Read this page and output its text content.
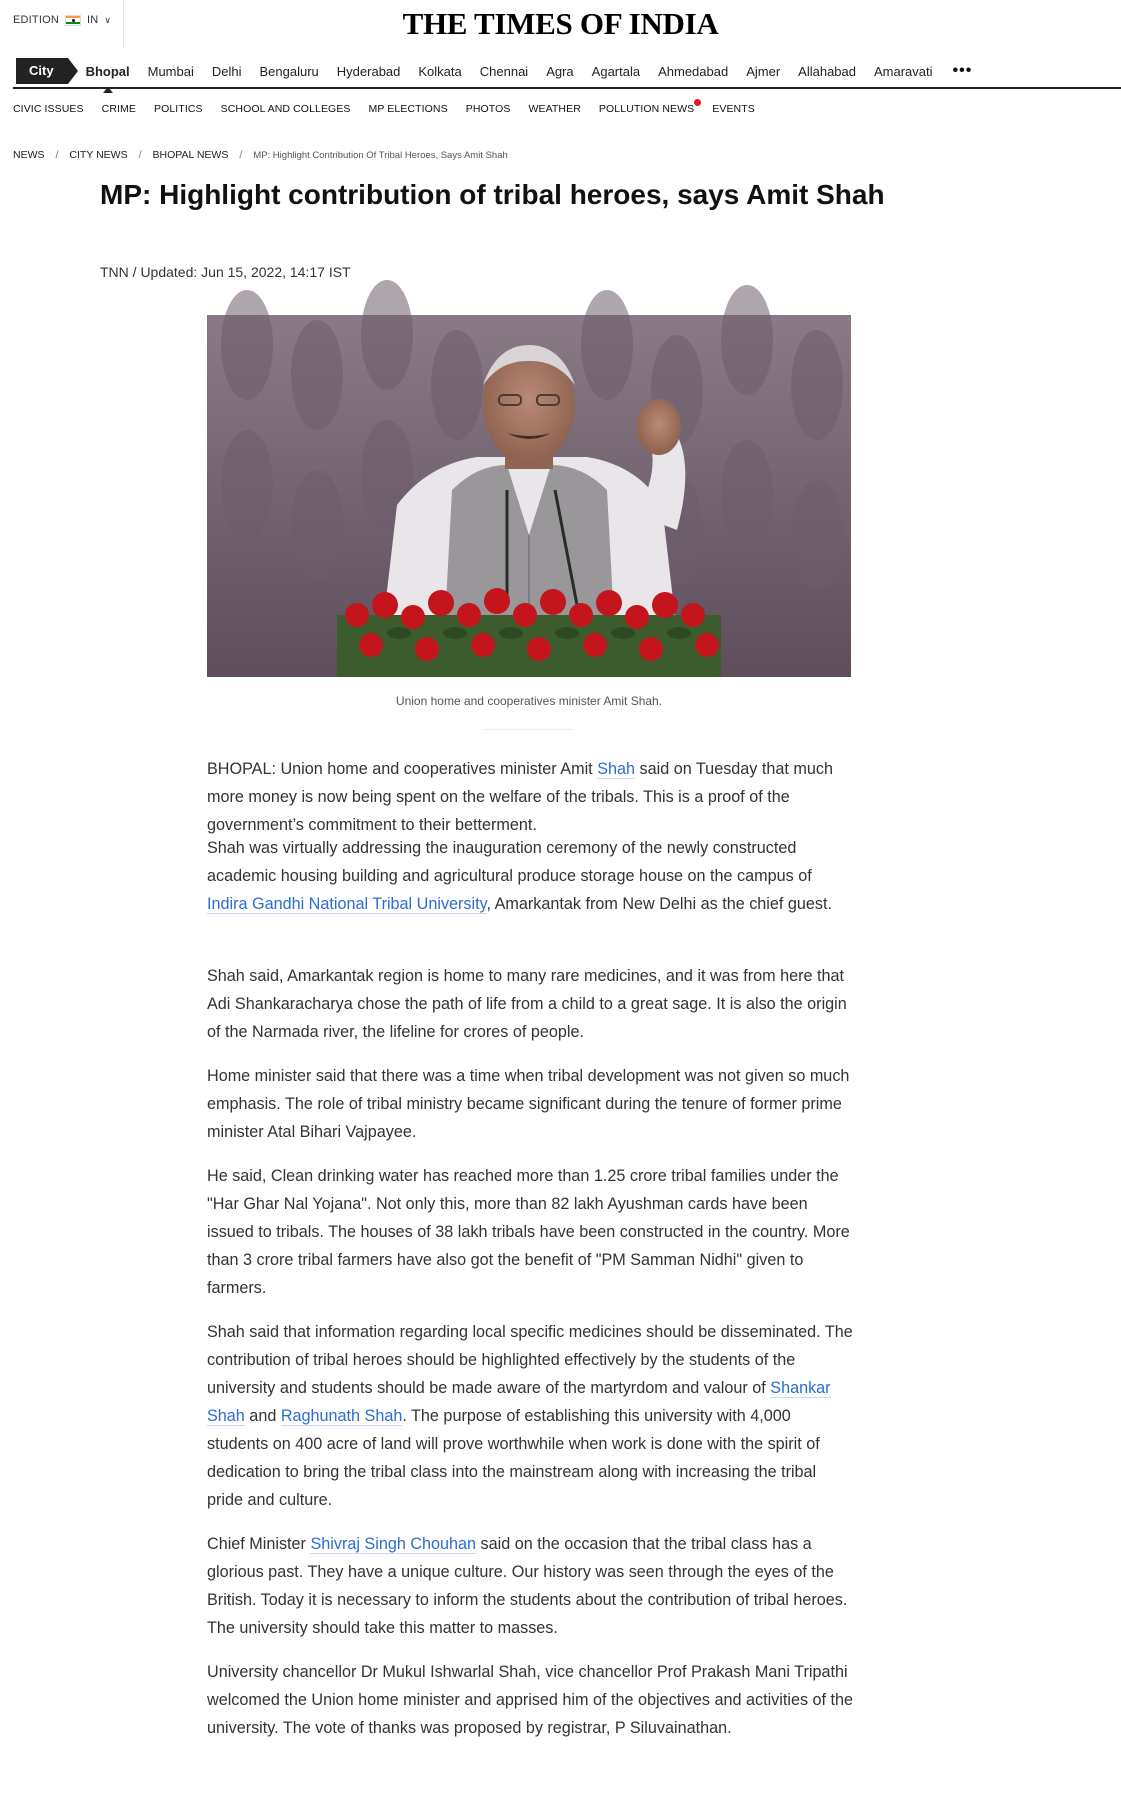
EDITION	IN ∨	THE TIMES OF INDIA
City	Bhopal Mumbai Delhi Bengaluru Hyderabad Kolkata Chennai Agra Agartala Ahmedabad Ajmer Allahabad Amaravati •••
CIVIC ISSUES CRIME POLITICS SCHOOL AND COLLEGES MP ELECTIONS PHOTOS WEATHER POLLUTION NEWS EVENTS
NEWS / CITY NEWS / BHOPAL NEWS / MP: Highlight Contribution Of Tribal Heroes, Says Amit Shah
MP: Highlight contribution of tribal heroes, says Amit Shah
TNN / Updated: Jun 15, 2022, 14:17 IST
Union home and cooperatives minister Amit Shah.

BHOPAL: Union home and cooperatives minister Amit Shah said on Tuesday that much more money is now being spent on the welfare of the tribals. This is a proof of the government’s commitment to their betterment.

Shah was virtually addressing the inauguration ceremony of the newly constructed academic housing building and agricultural produce storage house on the campus of Indira Gandhi National Tribal University, Amarkantak from New Delhi as the chief guest.

Shah said, Amarkantak region is home to many rare medicines, and it was from here that Adi Shankaracharya chose the path of life from a child to a great sage. It is also the origin of the Narmada river, the lifeline for crores of people.

Home minister said that there was a time when tribal development was not given so much emphasis. The role of tribal ministry became significant during the tenure of former prime minister Atal Bihari Vajpayee.

He said, Clean drinking water has reached more than 1.25 crore tribal families under the "Har Ghar Nal Yojana". Not only this, more than 82 lakh Ayushman cards have been issued to tribals. The houses of 38 lakh tribals have been constructed in the country. More than 3 crore tribal farmers have also got the benefit of "PM Samman Nidhi" given to farmers.

Shah said that information regarding local specific medicines should be disseminated. The contribution of tribal heroes should be highlighted effectively by the students of the university and students should be made aware of the martyrdom and valour of Shankar Shah and Raghunath Shah. The purpose of establishing this university with 4,000 students on 400 acre of land will prove worthwhile when work is done with the spirit of dedication to bring the tribal class into the mainstream along with increasing the tribal pride and culture.

Chief Minister Shivraj Singh Chouhan said on the occasion that the tribal class has a glorious past. They have a unique culture. Our history was seen through the eyes of the British. Today it is necessary to inform the students about the contribution of tribal heroes. The university should take this matter to masses.

University chancellor Dr Mukul Ishwarlal Shah, vice chancellor Prof Prakash Mani Tripathi welcomed the Union home minister and apprised him of the objectives and activities of the university. The vote of thanks was proposed by registrar, P Siluvainathan.
